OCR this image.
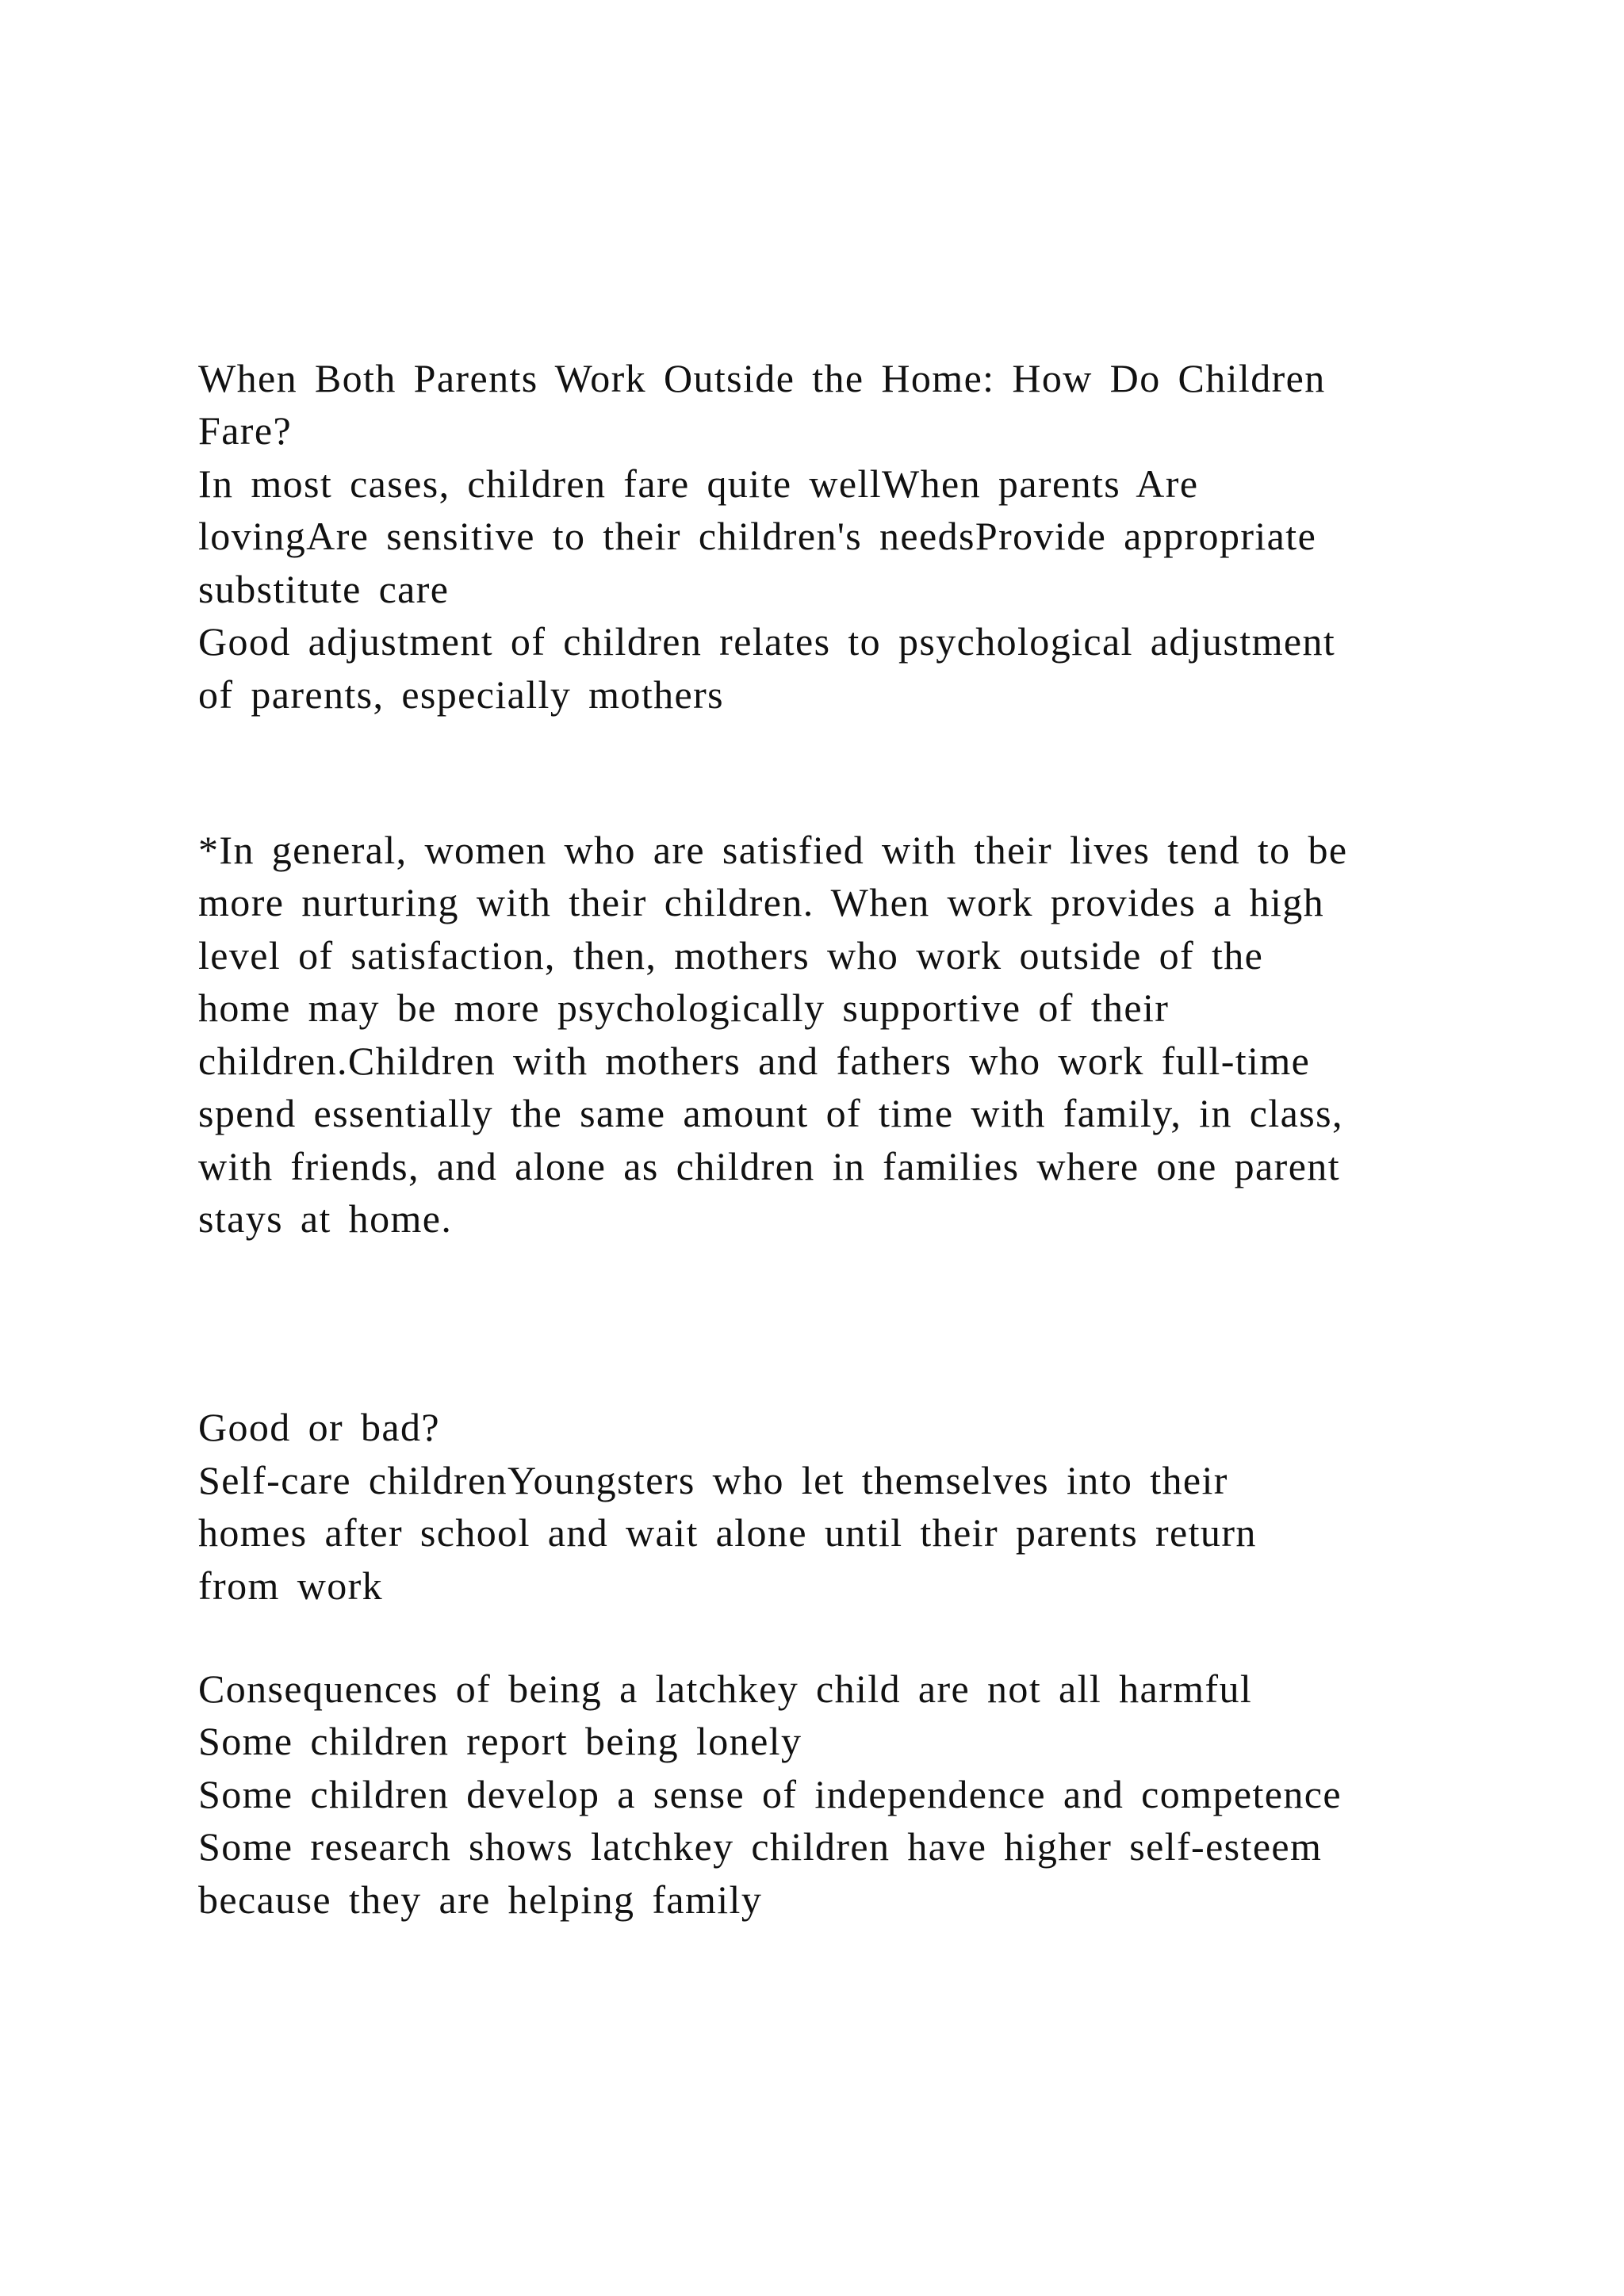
When Both Parents Work Outside the Home: How Do Children

Fare?

In most cases, children fare quite wellWhen parents Are

lovingAre sensitive to their children's needsProvide appropriate

substitute care

Good adjustment of children relates to psychological adjustment

of parents, especially mothers

*In general, women who are satisfied with their lives tend to be

more nurturing with their children. When work provides a high

level of satisfaction, then, mothers who work outside of the

home may be more psychologically supportive of their

children.Children with mothers and fathers who work full-time

spend essentially the same amount of time with family, in class,

with friends, and alone as children in families where one parent

stays at home.

Good or bad?

Self-care childrenYoungsters who let themselves into their

homes after school and wait alone until their parents return

from work

Consequences of being a latchkey child are not all harmful

Some children report being lonely

Some children develop a sense of independence and competence

Some research shows latchkey children have higher self-esteem

because they are helping family
